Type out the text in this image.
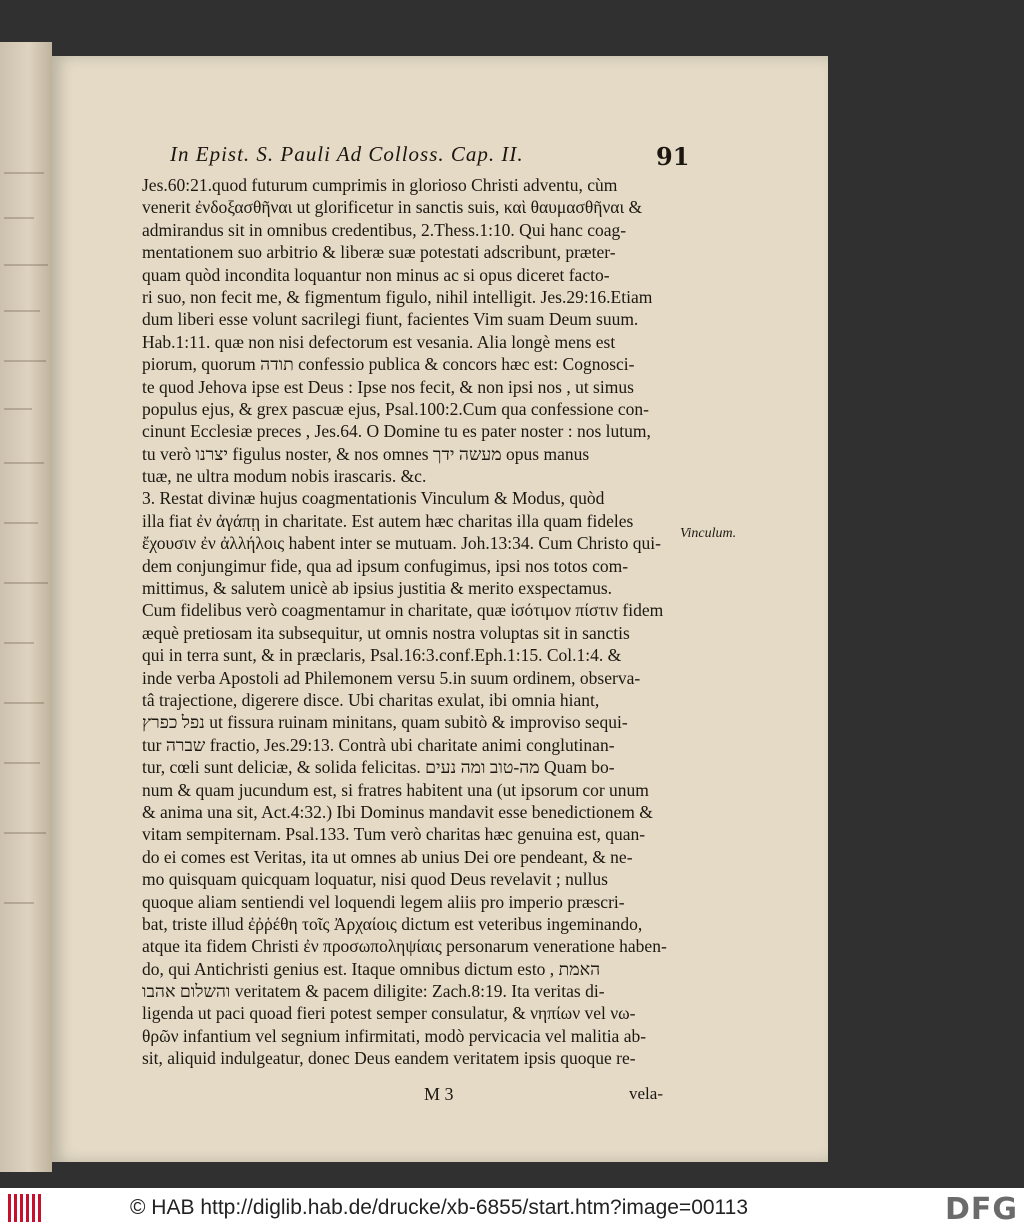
In Epist. S. Pauli Ad Colloss. Cap. II.	91
Jes.60:21.quod futurum cumprimis in glorioso Christi adventu, cùm
venerit ἐνδοξασθῆναι ut glorificetur in sanctis suis, καὶ θαυμασθῆναι &
admirandus sit in omnibus credentibus, 2.Thess.1:10. Qui hanc coag-
mentationem suo arbitrio & liberæ suæ potestati adscribunt, præter-
quam quòd incondita loquantur non minus ac si opus diceret facto-
ri suo, non fecit me, & figmentum figulo, nihil intelligit. Jes.29:16.Etiam
dum liberi esse volunt sacrilegi fiunt, facientes Vim suam Deum suum.
Hab.1:11. quæ non nisi defectorum est vesania. Alia longè mens est
piorum, quorum תודה confessio publica & concors hæc est: Cognosci-
te quod Jehova ipse est Deus : Ipse nos fecit, & non ipsi nos , ut simus
populus ejus, & grex pascuæ ejus, Psal.100:2.Cum qua confessione con-
cinunt Ecclesiæ preces , Jes.64. O Domine tu es pater noster : nos lutum,
tu verò יצרנו figulus noster, & nos omnes מעשה ידך opus manus
tuæ, ne ultra modum nobis irascaris. &c.
3. Restat divinæ hujus coagmentationis Vinculum & Modus, quòd
illa fiat ἐν ἀγάπῃ in charitate. Est autem hæc charitas illa quam fideles
ἔχουσιν ἐν ἀλλήλοις habent inter se mutuam. Joh.13:34. Cum Christo qui-
dem conjungimur fide, qua ad ipsum confugimus, ipsi nos totos com-
mittimus, & salutem unicè ab ipsius justitia & merito exspectamus.
Cum fidelibus verò coagmentamur in charitate, quæ ἰσότιμον πίστιν fidem
æquè pretiosam ita subsequitur, ut omnis nostra voluptas sit in sanctis
qui in terra sunt, & in præclaris, Psal.16:3.conf.Eph.1:15. Col.1:4. &
inde verba Apostoli ad Philemonem versu 5.in suum ordinem, observa-
tâ trajectione, digerere disce. Ubi charitas exulat, ibi omnia hiant,
נפל כפרץ ut fissura ruinam minitans, quam subitò & improviso sequi-
tur שברה fractio, Jes.29:13. Contrà ubi charitate animi conglutinan-
tur, cœli sunt deliciæ, & solida felicitas. מה-טוב ומה נעים Quam bo-
num & quam jucundum est, si fratres habitent una (ut ipsorum cor unum
& anima una sit, Act.4:32.) Ibi Dominus mandavit esse benedictionem &
vitam sempiternam. Psal.133. Tum verò charitas hæc genuina est, quan-
do ei comes est Veritas, ita ut omnes ab unius Dei ore pendeant, & ne-
mo quisquam quicquam loquatur, nisi quod Deus revelavit ; nullus
quoque aliam sentiendi vel loquendi legem aliis pro imperio præscri-
bat, triste illud ἐῤῥέθη τοῖς Ἀρχαίοις dictum est veteribus ingeminando,
atque ita fidem Christi ἐν προσωποληψίαις personarum veneratione haben-
do, qui Antichristi genius est. Itaque omnibus dictum esto , האמת
והשלום אהבו veritatem & pacem diligite: Zach.8:19. Ita veritas di-
ligenda ut paci quoad fieri potest semper consulatur, & νηπίων vel νω-
θρῶν infantium vel segnium infirmitati, modò pervicacia vel malitia ab-
sit, aliquid indulgeatur, donec Deus eandem veritatem ipsis quoque re-
Vinculum.
M 3	vela-
© HAB http://diglib.hab.de/drucke/xb-6855/start.htm?image=00113	DFG
